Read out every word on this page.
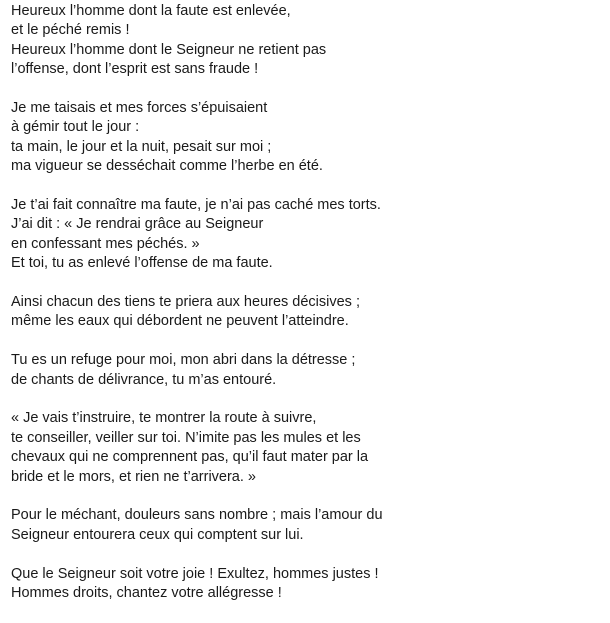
Heureux l’homme dont la faute est enlevée,
et le péché remis !
Heureux l’homme dont le Seigneur ne retient pas
l’offense, dont l’esprit est sans fraude !
Je me taisais et mes forces s’épuisaient
à gémir tout le jour :
ta main, le jour et la nuit, pesait sur moi ;
ma vigueur se desséchait comme l’herbe en été.
Je t’ai fait connaître ma faute, je n’ai pas caché mes torts.
J’ai dit : « Je rendrai grâce au Seigneur
en confessant mes péchés. »
Et toi, tu as enlevé l’offense de ma faute.
Ainsi chacun des tiens te priera aux heures décisives ;
même les eaux qui débordent ne peuvent l’atteindre.
Tu es un refuge pour moi, mon abri dans la détresse ;
de chants de délivrance, tu m’as entouré.
« Je vais t’instruire, te montrer la route à suivre,
te conseiller, veiller sur toi. N’imite pas les mules et les
chevaux qui ne comprennent pas, qu’il faut mater par la
bride et le mors, et rien ne t’arrivera. »
Pour le méchant, douleurs sans nombre ; mais l’amour du
Seigneur entourera ceux qui comptent sur lui.
Que le Seigneur soit votre joie ! Exultez, hommes justes !
Hommes droits, chantez votre allégresse !
